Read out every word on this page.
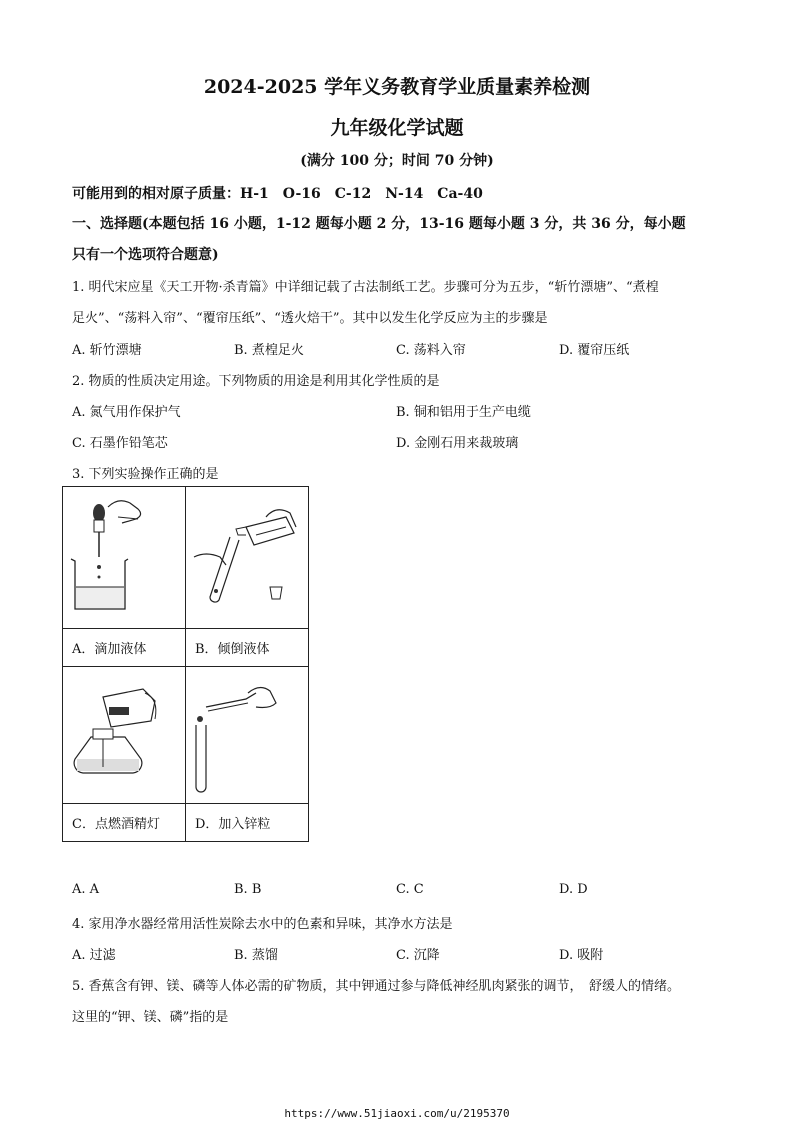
2024-2025 学年义务教育学业质量素养检测
九年级化学试题
(满分 100 分；时间 70 分钟)
可能用到的相对原子质量：H-1　O-16　C-12　N-14　Ca-40
一、选择题(本题包括 16 小题，1-12 题每小题 2 分，13-16 题每小题 3 分，共 36 分，每小题
只有一个选项符合题意)
1. 明代宋应星《天工开物·杀青篇》中详细记载了古法制纸工艺。步骤可分为五步，“斩竹漂塘”、“煮楻
足火”、“荡料入帘”、“覆帘压纸”、“透火焙干”。其中以发生化学反应为主的步骤是
A. 斩竹漂塘	B. 煮楻足火	C. 荡料入帘	D. 覆帘压纸
2. 物质的性质决定用途。下列物质的用途是利用其化学性质的是
A. 氮气用作保护气	B. 铜和铝用于生产电缆
C. 石墨作铅笔芯	D. 金刚石用来裁玻璃
3. 下列实验操作正确的是

A．滴加液体	B．倾倒液体	

C．点燃酒精灯	D．加入锌粒	
A. A	B. B	C. C	D. D
4. 家用净水器经常用活性炭除去水中的色素和异味，其净水方法是
A. 过滤	B. 蒸馏	C. 沉降	D. 吸附
5. 香蕉含有钾、镁、磷等人体必需的矿物质，其中钾通过参与降低神经肌肉紧张的调节，　舒缓人的情绪。
这里的“钾、镁、磷”指的是
https://www.51jiaoxi.com/u/2195370
